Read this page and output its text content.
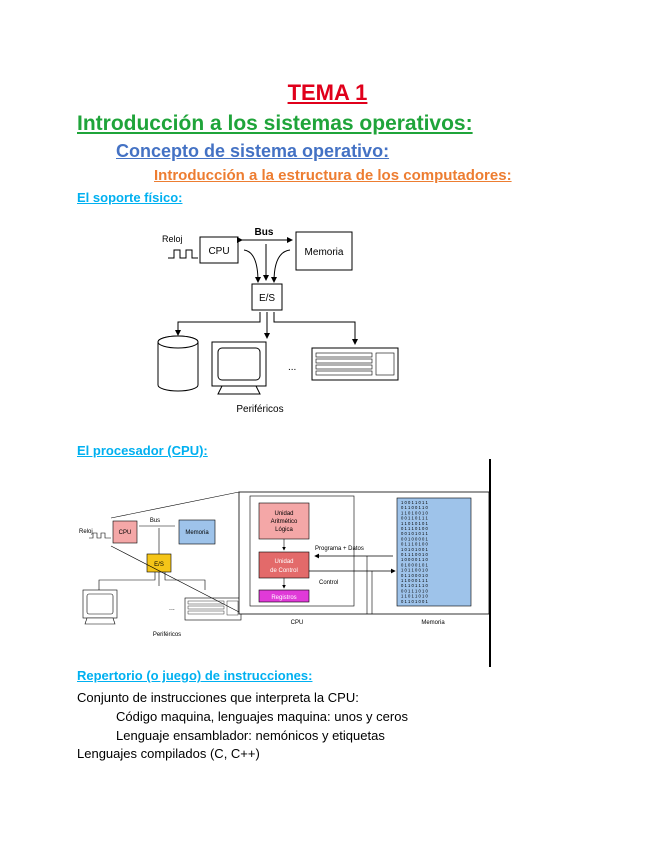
TEMA 1
Introducción a los sistemas operativos:
Concepto de sistema operativo:
Introducción a la estructura de los computadores:
El soporte físico:
Reloj
CPU
Bus
Memoria
E/S
...
Periféricos
El procesador (CPU):
Reloj	CPU
Bus
Memoria
E/S
...
Periféricos
Unidad
Aritmético
Lógica
Unidad
de Control
Registros
Programa + Datos
Control
1 0 0 1 1 0 1 1
0 1 1 0 0 1 1 0
1 1 0 1 0 0 1 0
0 0 1 1 0 1 1 1
1 1 0 1 0 1 0 1
0 1 1 1 0 1 0 0
0 0 1 0 1 0 1 1
0 0 1 0 0 0 0 1
0 1 1 1 0 1 0 0
1 0 1 0 1 0 0 1
0 1 1 1 0 0 1 0
1 0 0 0 0 1 1 0
0 1 0 0 0 1 0 1
1 0 1 1 0 0 1 0
0 1 1 0 0 0 1 0
1 1 0 0 0 1 1 1
0 1 1 0 1 1 1 0
0 0 1 1 1 0 1 0
1 1 0 1 1 0 1 0
0 1 1 0 1 0 0 1
CPU	Memoria
Repertorio (o juego) de instrucciones:
Conjunto de instrucciones que interpreta la CPU:
Código maquina, lenguajes maquina: unos y ceros
Lenguaje ensamblador: nemónicos y etiquetas
Lenguajes compilados (C, C++)
